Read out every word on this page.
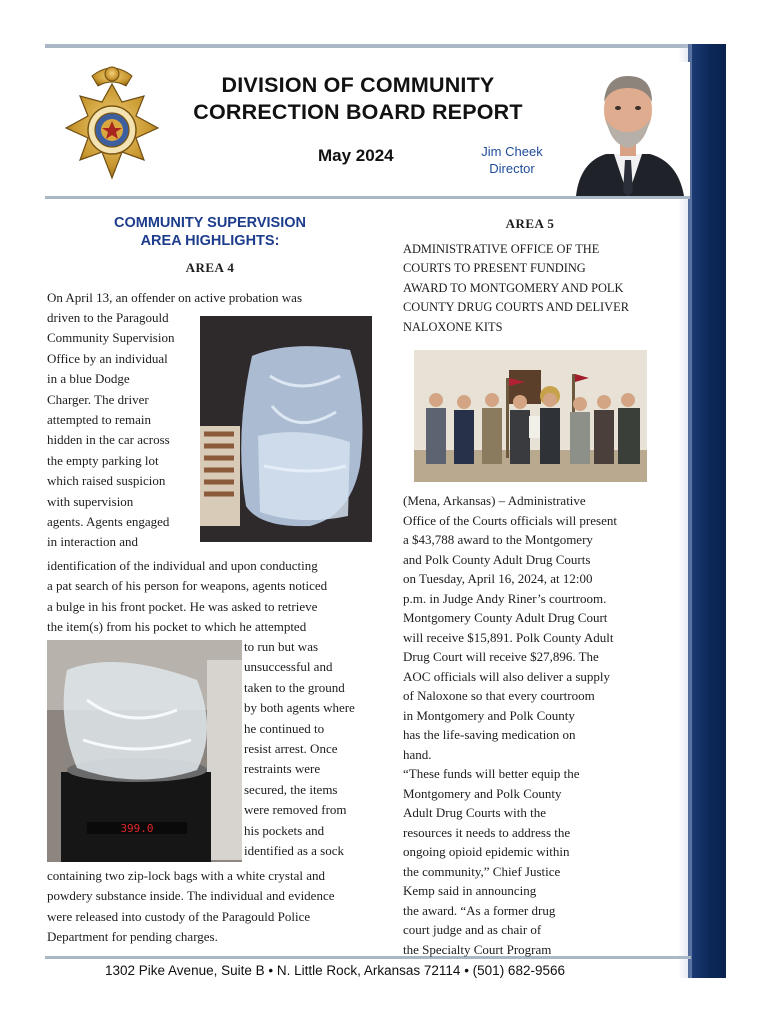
DIVISION OF COMMUNITY
CORRECTION BOARD REPORT
May 2024	Jim Cheek
Director
COMMUNITY SUPERVISION
AREA HIGHLIGHTS:
AREA 4
On April 13, an offender on active probation was
driven to the Paragould
Community Supervision
Office by an individual
in a blue Dodge
Charger. The driver
attempted to remain
hidden in the car across
the empty parking lot
which raised suspicion
with supervision
agents. Agents engaged
in interaction and
identification of the individual and upon conducting
a pat search of his person for weapons, agents noticed
a bulge in his front pocket. He was asked to retrieve
the item(s) from his pocket to which he attempted
399.0
to run but was
unsuccessful and
taken to the ground
by both agents where
he continued to
resist arrest. Once
restraints were
secured, the items
were removed from
his pockets and
identified as a sock
containing two zip-lock bags with a white crystal and
powdery substance inside. The individual and evidence
were released into custody of the Paragould Police
Department for pending charges.
AREA 5
ADMINISTRATIVE OFFICE OF THE
COURTS TO PRESENT FUNDING
AWARD TO MONTGOMERY AND POLK
COUNTY DRUG COURTS AND DELIVER
NALOXONE KITS
(Mena, Arkansas) – Administrative
Office of the Courts officials will present
a $43,788 award to the Montgomery
and Polk County Adult Drug Courts
on Tuesday, April 16, 2024, at 12:00
p.m. in Judge Andy Riner’s courtroom.
Montgomery County Adult Drug Court
will receive $15,891. Polk County Adult
Drug Court will receive $27,896. The
AOC officials will also deliver a supply
of Naloxone so that every courtroom
in Montgomery and Polk County
has the life-saving medication on
hand.
“These funds will better equip the
Montgomery and Polk County
Adult Drug Courts with the
resources it needs to address the
ongoing opioid epidemic within
the community,” Chief Justice
Kemp said in announcing
the award. “As a former drug
court judge and as chair of
the Specialty Court Program
1302 Pike Avenue, Suite B • N. Little Rock, Arkansas 72114 • (501) 682-9566
